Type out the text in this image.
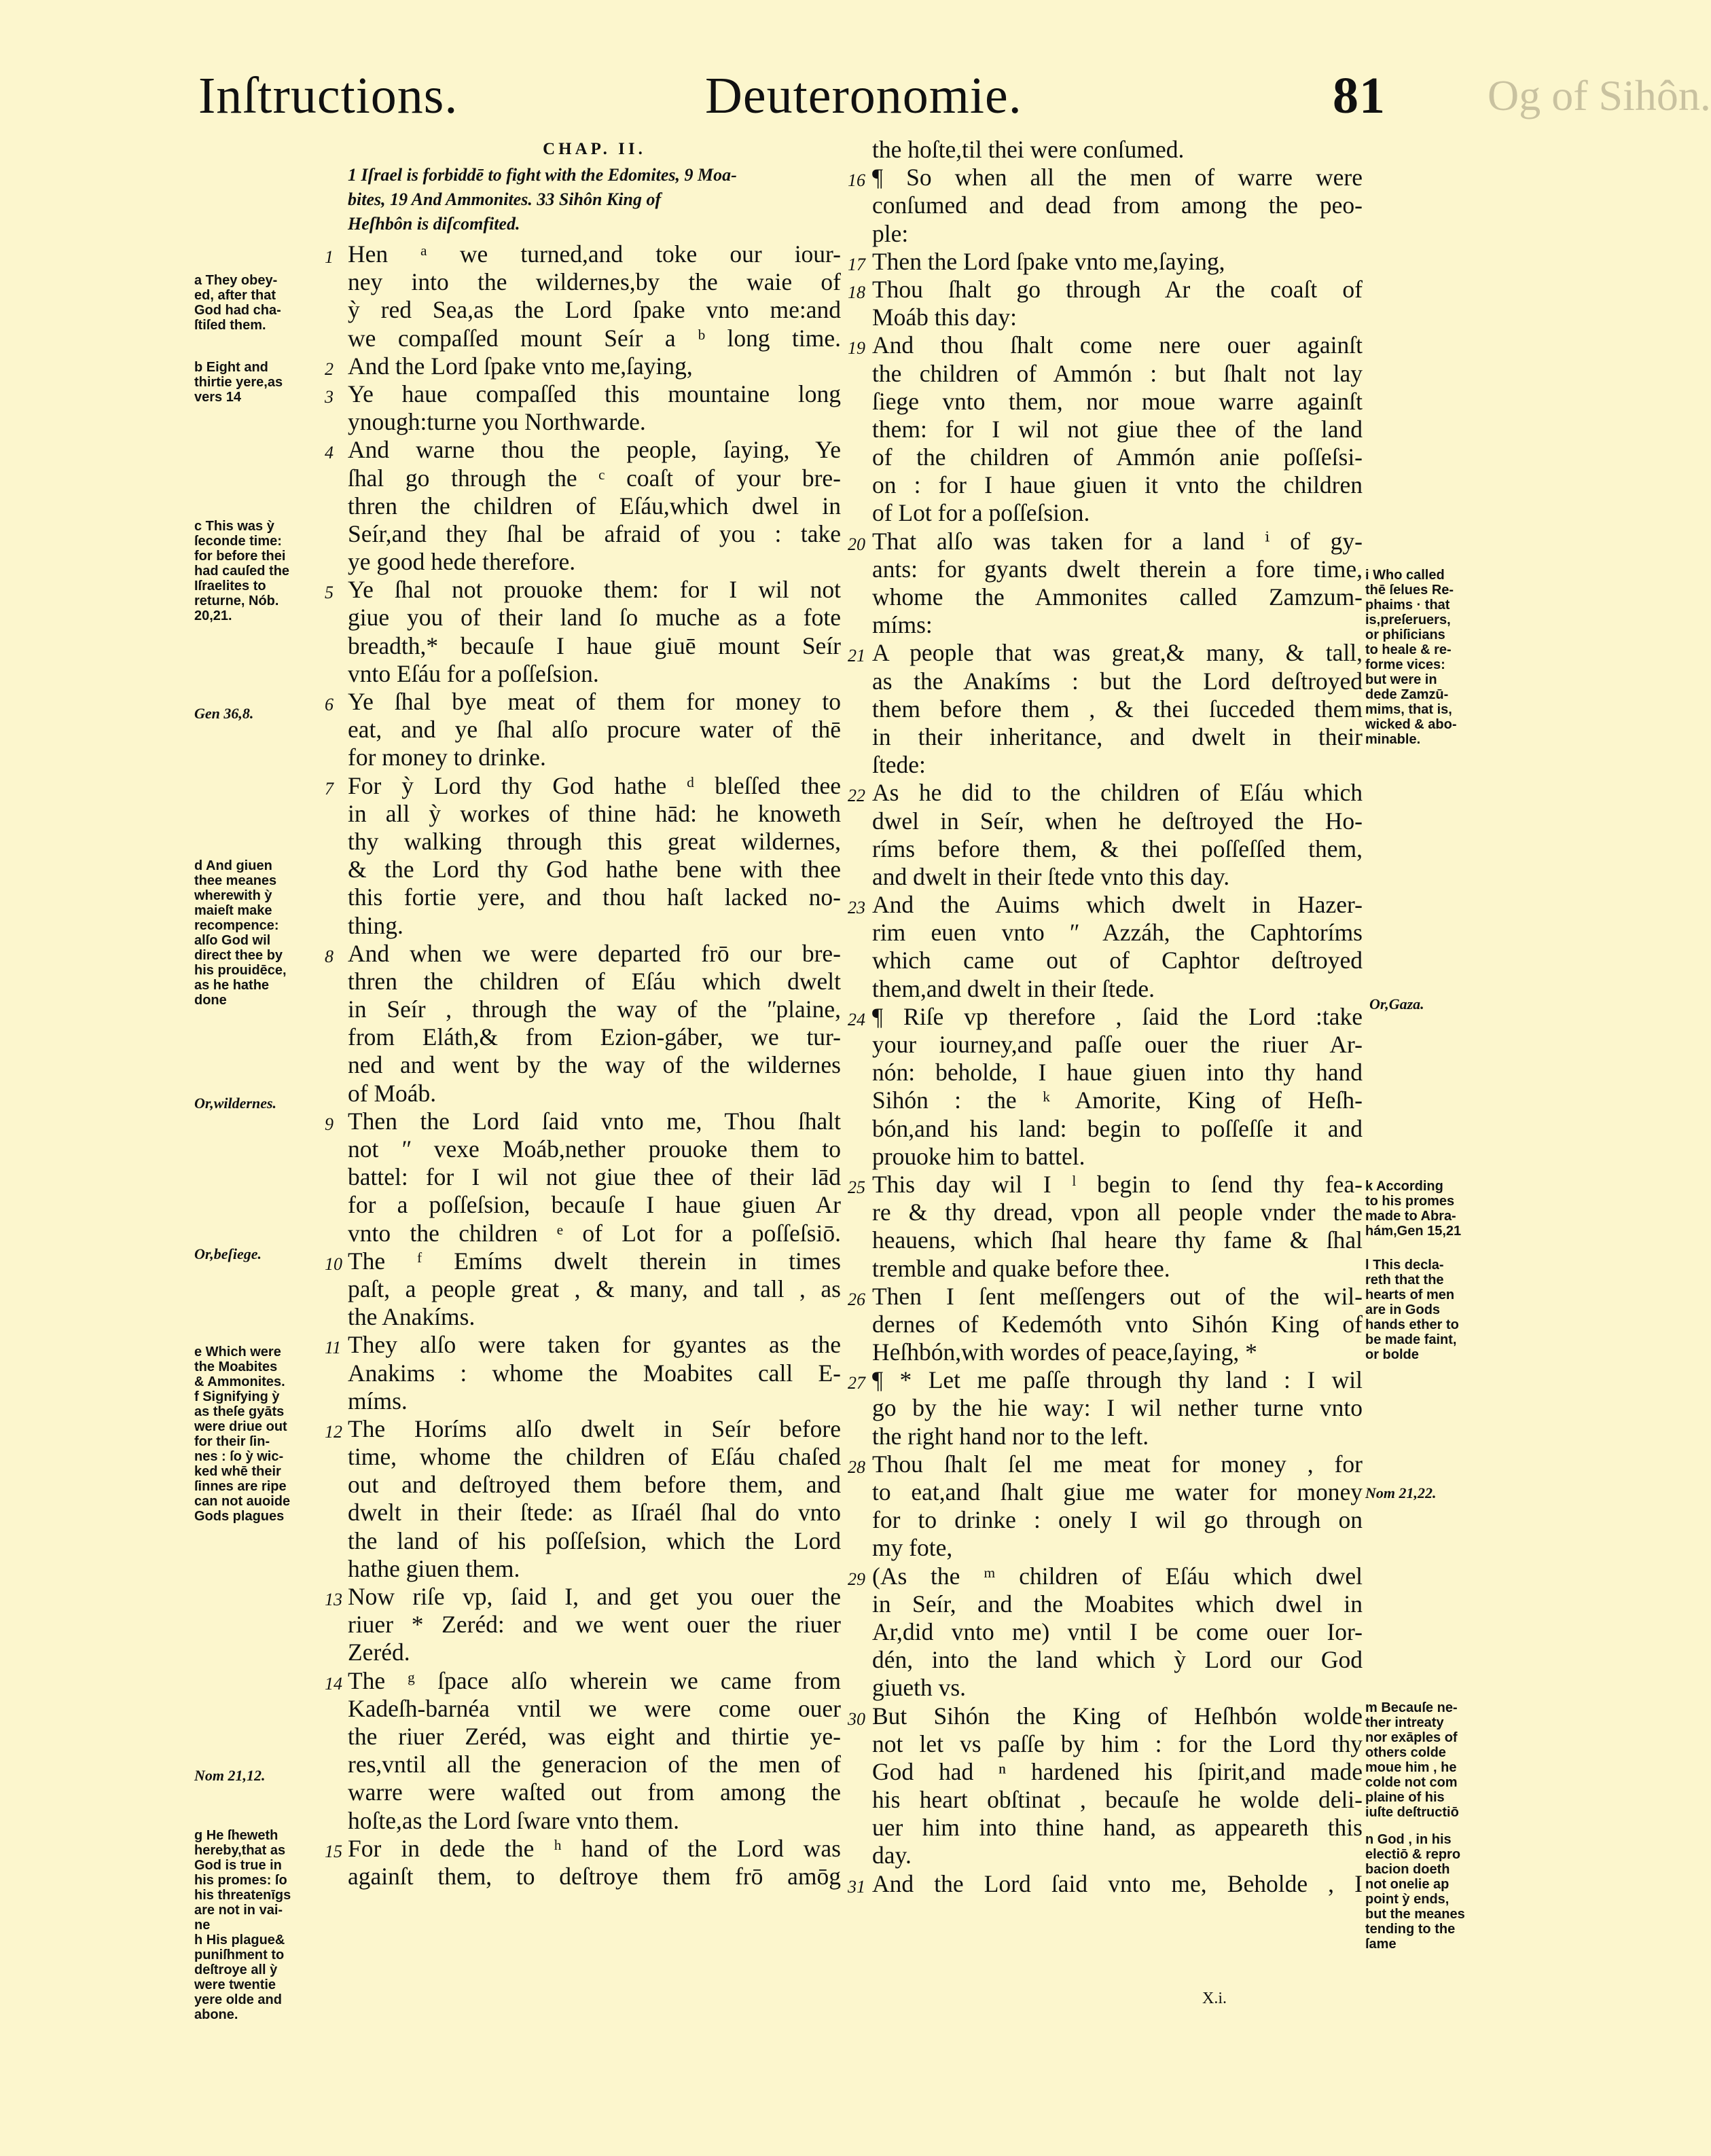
Og of Sihôn.
Inſtructions.	Deuteronomie.	81
CHAP. II.
1 Iſrael is forbiddē to fight with the Edomites, 9 Moa-
bites, 19 And Ammonites. 33 Sihôn King of
Heſhbôn is diſcomfited.
1 Hen ᵃ we turned,and toke our iour-
ney into the wildernes,by the waie of
ỳ red Sea,as the Lord ſpake vnto me:and
we compaſſed mount Seír a ᵇ long time.
2 And the Lord ſpake vnto me,ſaying,
3 Ye haue compaſſed this mountaine long
ynough:turne you Northwarde.
4 And warne thou the people, ſaying, Ye
ſhal go through the ᶜ coaſt of your bre-
thren the children of Eſáu,which dwel in
Seír,and they ſhal be afraid of you : take
ye good hede therefore.
5 Ye ſhal not prouoke them: for I wil not
giue you of their land ſo muche as a fote
breadth,* becauſe I haue giuē mount Seír
vnto Eſáu for a poſſeſsion.
6 Ye ſhal bye meat of them for money to
eat, and ye ſhal alſo procure water of thē
for money to drinke.
7 For ỳ Lord thy God hathe ᵈ bleſſed thee
in all ỳ workes of thine hād: he knoweth
thy walking through this great wildernes,
& the Lord thy God hathe bene with thee
this fortie yere, and thou haſt lacked no-
thing.
8 And when we were departed frō our bre-
thren the children of Eſáu which dwelt
in Seír , through the way of the ʺplaine,
from Eláth,& from Ezion-gáber, we tur-
ned and went by the way of the wildernes
of Moáb.
9 Then the Lord ſaid vnto me, Thou ſhalt
not ʺ vexe Moáb,nether prouoke them to
battel: for I wil not giue thee of their lād
for a poſſeſsion, becauſe I haue giuen Ar
vnto the children ᵉ of Lot for a poſſeſsiō.
10 The ᶠ Emíms dwelt therein in times
paſt, a people great , & many, and tall , as
the Anakíms.
11 They alſo were taken for gyantes as the
Anakims : whome the Moabites call E-
míms.
12 The Horíms alſo dwelt in Seír before
time, whome the children of Eſáu chaſed
out and deſtroyed them before them, and
dwelt in their ſtede: as Iſraél ſhal do vnto
the land of his poſſeſsion, which the Lord
hathe giuen them.
13 Now riſe vp, ſaid I, and get you ouer the
riuer * Zeréd: and we went ouer the riuer
Zeréd.
14 The ᵍ ſpace alſo wherein we came from
Kadeſh-barnéa vntil we were come ouer
the riuer Zeréd, was eight and thirtie ye-
res,vntil all the generacion of the men of
warre were waſted out from among the
hoſte,as the Lord ſware vnto them.
15 For in dede the ʰ hand of the Lord was
againſt them, to deſtroye them frō amōg
the hoſte,til thei were conſumed.
16 ¶ So when all the men of warre were
conſumed and dead from among the peo-
ple:
17 Then the Lord ſpake vnto me,ſaying,
18 Thou ſhalt go through Ar the coaſt of
Moáb this day:
19 And thou ſhalt come nere ouer againſt
the children of Ammón : but ſhalt not lay
ſiege vnto them, nor moue warre againſt
them: for I wil not giue thee of the land
of the children of Ammón anie poſſeſsi-
on : for I haue giuen it vnto the children
of Lot for a poſſeſsion.
20 That alſo was taken for a land ⁱ of gy-
ants: for gyants dwelt therein a fore time,
whome the Ammonites called Zamzum-
míms:
21 A people that was great,& many, & tall,
as the Anakíms : but the Lord deſtroyed
them before them , & thei ſucceded them
in their inheritance, and dwelt in their
ſtede:
22 As he did to the children of Eſáu which
dwel in Seír, when he deſtroyed the Ho-
ríms before them, & thei poſſeſſed them,
and dwelt in their ſtede vnto this day.
23 And the Auims which dwelt in Hazer-
rim euen vnto ʺ Azzáh, the Caphtoríms
which came out of Caphtor deſtroyed
them,and dwelt in their ſtede.
24 ¶ Riſe vp therefore , ſaid the Lord :take
your iourney,and paſſe ouer the riuer Ar-
nón: beholde, I haue giuen into thy hand
Sihón : the ᵏ Amorite, King of Heſh-
bón,and his land: begin to poſſeſſe it and
prouoke him to battel.
25 This day wil I ˡ begin to ſend thy fea-
re & thy dread, vpon all people vnder the
heauens, which ſhal heare thy fame & ſhal
tremble and quake before thee.
26 Then I ſent meſſengers out of the wil-
dernes of Kedemóth vnto Sihón King of
Heſhbón,with wordes of peace,ſaying, *
27 ¶ * Let me paſſe through thy land : I wil
go by the hie way: I wil nether turne vnto
the right hand nor to the left.
28 Thou ſhalt ſel me meat for money , for
to eat,and ſhalt giue me water for money
for to drinke : onely I wil go through on
my fote,
29 (As the ᵐ children of Eſáu which dwel
in Seír, and the Moabites which dwel in
Ar,did vnto me) vntil I be come ouer Ior-
dén, into the land which ỳ Lord our God
giueth vs.
30 But Sihón the King of Heſhbón wolde
not let vs paſſe by him : for the Lord thy
God had ⁿ hardened his ſpirit,and made
his heart obſtinat , becauſe he wolde deli-
uer him into thine hand, as appeareth this
day.
31 And the Lord ſaid vnto me, Beholde , I
a They obey-
ed, after that
God had cha-
ſtiſed them.
b Eight and
thirtie yere,as
vers 14
c This was ỳ
ſeconde time:
for before thei
had cauſed the
Iſraelites to
returne, Nób.
20,21.
Gen 36,8.
d And giuen
thee meanes
wherewith ỳ
maieſt make
recompence:
alſo God wil
direct thee by
his prouidēce,
as he hathe
done
Or,wildernes.
Or,beſiege.
e Which were
the Moabites
& Ammonites.
f Signifying ỳ
as theſe gyāts
were driue out
for their ſin-
nes : ſo ỳ wic-
ked whē their
ſinnes are ripe
can not auoide
Gods plagues
Nom 21,12.
g He ſheweth
hereby,that as
God is true in
his promes: ſo
his threatenīgs
are not in vai-
ne
h His plague&
puniſhment to
deſtroye all ỳ
were twentie
yere olde and
abone.
i Who called
thē ſelues Re-
phaims · that
is,preſeruers,
or phiſicians
to heale & re-
forme vices:
but were in
dede Zamzū-
mims, that is,
wicked & abo-
minable.
Or,Gaza.
k According
to his promes
made to Abra-
hám,Gen 15,21
l This decla-
reth that the
hearts of men
are in Gods
hands ether to
be made faint,
or bolde
Nom 21,22.
m Becauſe ne-
ther intreaty
nor exāples of
others colde
moue him , he
colde not com
plaine of his
iuſte deſtructiō
n God , in his
electiō & repro
bacion doeth
not onelie ap
point ỳ ends,
but the meanes
tending to the
ſame
X.i.
